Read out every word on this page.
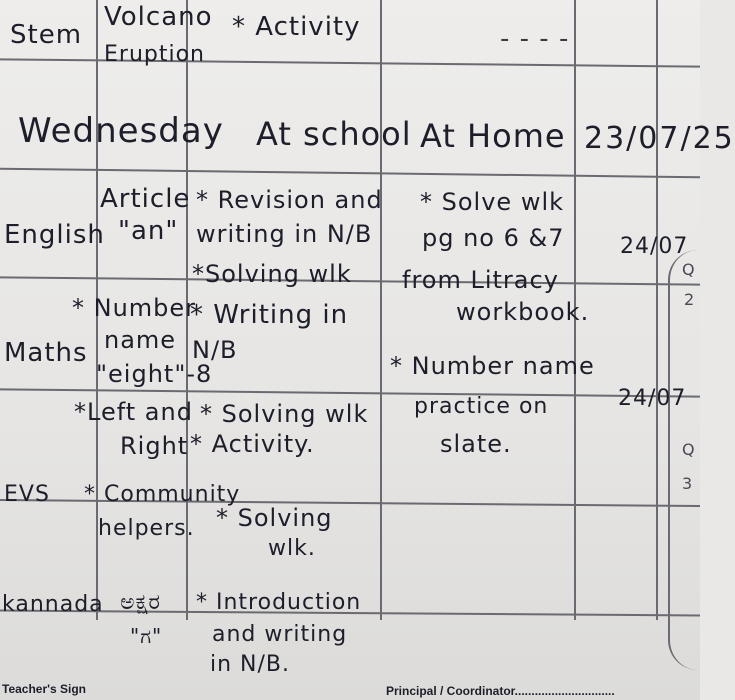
Stem

Volcano

Eruption

* Activity	- - - -

Wednesday At school At Home 23/07/25

English

Article

"an"

* Revision and

writing in N/B

*Solving wlk

* Solve wlk

pg no 6 &7

from Litracy

workbook.

24/07

Maths

* Number

name

"eight"-8

* Writing in

N/B

* Number name

practice on

slate.

*Left and

Right

* Solving wlk

* Activity.

24/07

EVS * Community

helpers. * Solving

wlk.

kannada ಅಕ್ಷರ

"ಗ"

* Introduction

and writing

in N/B.

Q
2
Q
3
Teacher's Sign	Principal / Coordinator..............................
